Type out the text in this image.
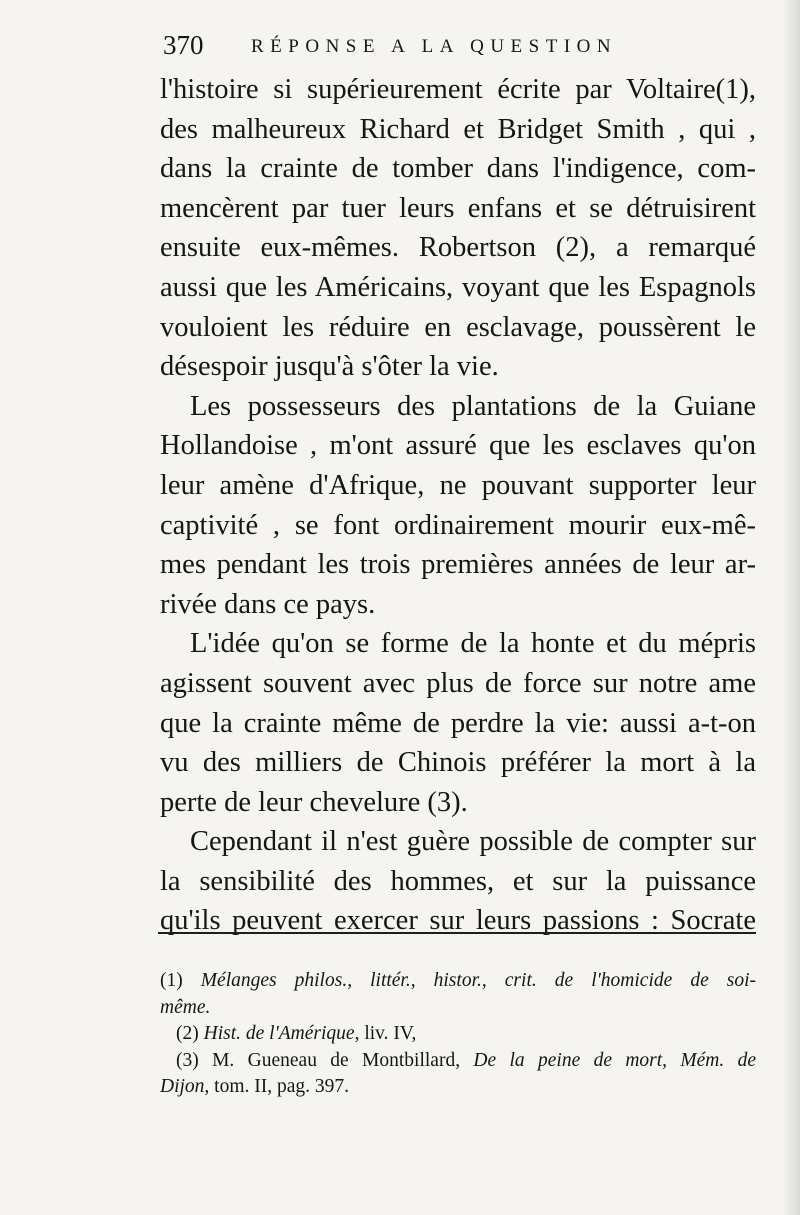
370	RÉPONSE A LA QUESTION
l'histoire si supérieurement écrite par Voltaire(1),
des malheureux Richard et Bridget Smith , qui ,
dans la crainte de tomber dans l'indigence, com-
mencèrent par tuer leurs enfans et se détruisirent
ensuite eux-mêmes. Robertson (2), a remarqué
aussi que les Américains, voyant que les Espagnols
vouloient les réduire en esclavage, poussèrent le
désespoir jusqu'à s'ôter la vie.
Les possesseurs des plantations de la Guiane
Hollandoise , m'ont assuré que les esclaves qu'on
leur amène d'Afrique, ne pouvant supporter leur
captivité , se font ordinairement mourir eux-mê-
mes pendant les trois premières années de leur ar-
rivée dans ce pays.
L'idée qu'on se forme de la honte et du mépris
agissent souvent avec plus de force sur notre ame
que la crainte même de perdre la vie: aussi a-t-on
vu des milliers de Chinois préférer la mort à la
perte de leur chevelure (3).
Cependant il n'est guère possible de compter sur
la sensibilité des hommes, et sur la puissance
qu'ils peuvent exercer sur leurs passions : Socrate
(1) Mélanges philos., littér., histor., crit. de l'homicide de soi-
même.
(2) Hist. de l'Amérique, liv. IV,
(3) M. Gueneau de Montbillard, De la peine de mort, Mém. de
Dijon, tom. II, pag. 397.
